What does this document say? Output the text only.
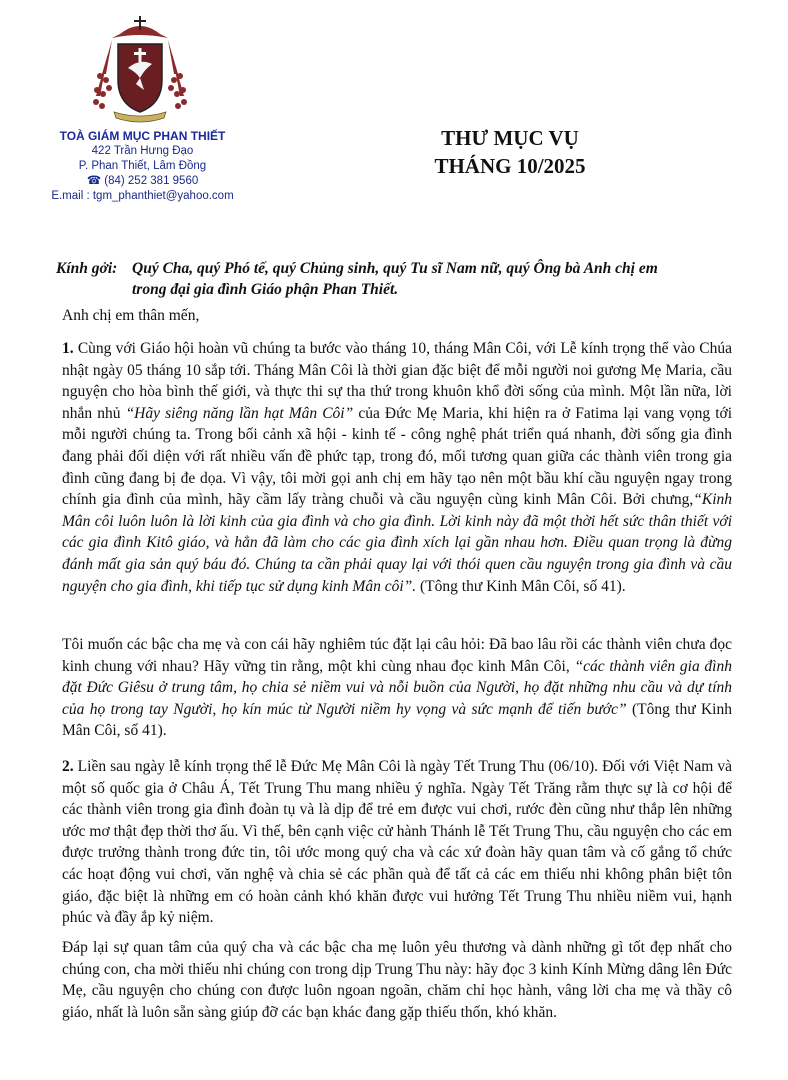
TOÀ GIÁM MỤC PHAN THIẾT
422 Trần Hưng Đạo
P. Phan Thiết, Lâm Đồng
☎ (84) 252 381 9560
E.mail : tgm_phanthiet@yahoo.com
THƯ MỤC VỤ
THÁNG 10/2025
Kính gởi: Quý Cha, quý Phó tế, quý Chủng sinh, quý Tu sĩ Nam nữ, quý Ông bà Anh chị em
trong đại gia đình Giáo phận Phan Thiết.
Anh chị em thân mến,
1. Cùng với Giáo hội hoàn vũ chúng ta bước vào tháng 10, tháng Mân Côi, với Lễ kính trọng thể vào Chúa nhật ngày 05 tháng 10 sắp tới. Tháng Mân Côi là thời gian đặc biệt để mỗi người noi gương Mẹ Maria, cầu nguyện cho hòa bình thế giới, và thực thi sự tha thứ trong khuôn khổ đời sống của mình. Một lần nữa, lời nhắn nhủ “Hãy siêng năng lần hạt Mân Côi” của Đức Mẹ Maria, khi hiện ra ở Fatima lại vang vọng tới mỗi người chúng ta. Trong bối cảnh xã hội - kinh tế - công nghệ phát triển quá nhanh, đời sống gia đình đang phải đối diện với rất nhiều vấn đề phức tạp, trong đó, mối tương quan giữa các thành viên trong gia đình cũng đang bị đe dọa. Vì vậy, tôi mời gọi anh chị em hãy tạo nên một bầu khí cầu nguyện ngay trong chính gia đình của mình, hãy cầm lấy tràng chuỗi và cầu nguyện cùng kinh Mân Côi. Bởi chưng,“Kinh Mân côi luôn luôn là lời kinh của gia đình và cho gia đình. Lời kinh này đã một thời hết sức thân thiết với các gia đình Kitô giáo, và hẳn đã làm cho các gia đình xích lại gần nhau hơn. Điều quan trọng là đừng đánh mất gia sản quý báu đó. Chúng ta cần phải quay lại với thói quen cầu nguyện trong gia đình và cầu nguyện cho gia đình, khi tiếp tục sử dụng kinh Mân côi”. (Tông thư Kinh Mân Côi, số 41).
Tôi muốn các bậc cha mẹ và con cái hãy nghiêm túc đặt lại câu hỏi: Đã bao lâu rồi các thành viên chưa đọc kinh chung với nhau? Hãy vững tin rằng, một khi cùng nhau đọc kinh Mân Côi, “các thành viên gia đình đặt Đức Giêsu ở trung tâm, họ chia sẻ niềm vui và nỗi buồn của Người, họ đặt những nhu cầu và dự tính của họ trong tay Người, họ kín múc từ Người niềm hy vọng và sức mạnh để tiến bước” (Tông thư Kinh Mân Côi, số 41).
2. Liền sau ngày lễ kính trọng thể lễ Đức Mẹ Mân Côi là ngày Tết Trung Thu (06/10). Đối với Việt Nam và một số quốc gia ở Châu Á, Tết Trung Thu mang nhiều ý nghĩa. Ngày Tết Trăng rằm thực sự là cơ hội để các thành viên trong gia đình đoàn tụ và là dịp để trẻ em được vui chơi, rước đèn cũng như thắp lên những ước mơ thật đẹp thời thơ ấu. Vì thế, bên cạnh việc cử hành Thánh lễ Tết Trung Thu, cầu nguyện cho các em được trưởng thành trong đức tin, tôi ước mong quý cha và các xứ đoàn hãy quan tâm và cố gắng tổ chức các hoạt động vui chơi, văn nghệ và chia sẻ các phần quà để tất cả các em thiếu nhi không phân biệt tôn giáo, đặc biệt là những em có hoàn cảnh khó khăn được vui hưởng Tết Trung Thu nhiều niềm vui, hạnh phúc và đầy ắp kỷ niệm.
Đáp lại sự quan tâm của quý cha và các bậc cha mẹ luôn yêu thương và dành những gì tốt đẹp nhất cho chúng con, cha mời thiếu nhi chúng con trong dịp Trung Thu này: hãy đọc 3 kinh Kính Mừng dâng lên Đức Mẹ, cầu nguyện cho chúng con được luôn ngoan ngoãn, chăm chỉ học hành, vâng lời cha mẹ và thầy cô giáo, nhất là luôn sẵn sàng giúp đỡ các bạn khác đang gặp thiếu thốn, khó khăn.
